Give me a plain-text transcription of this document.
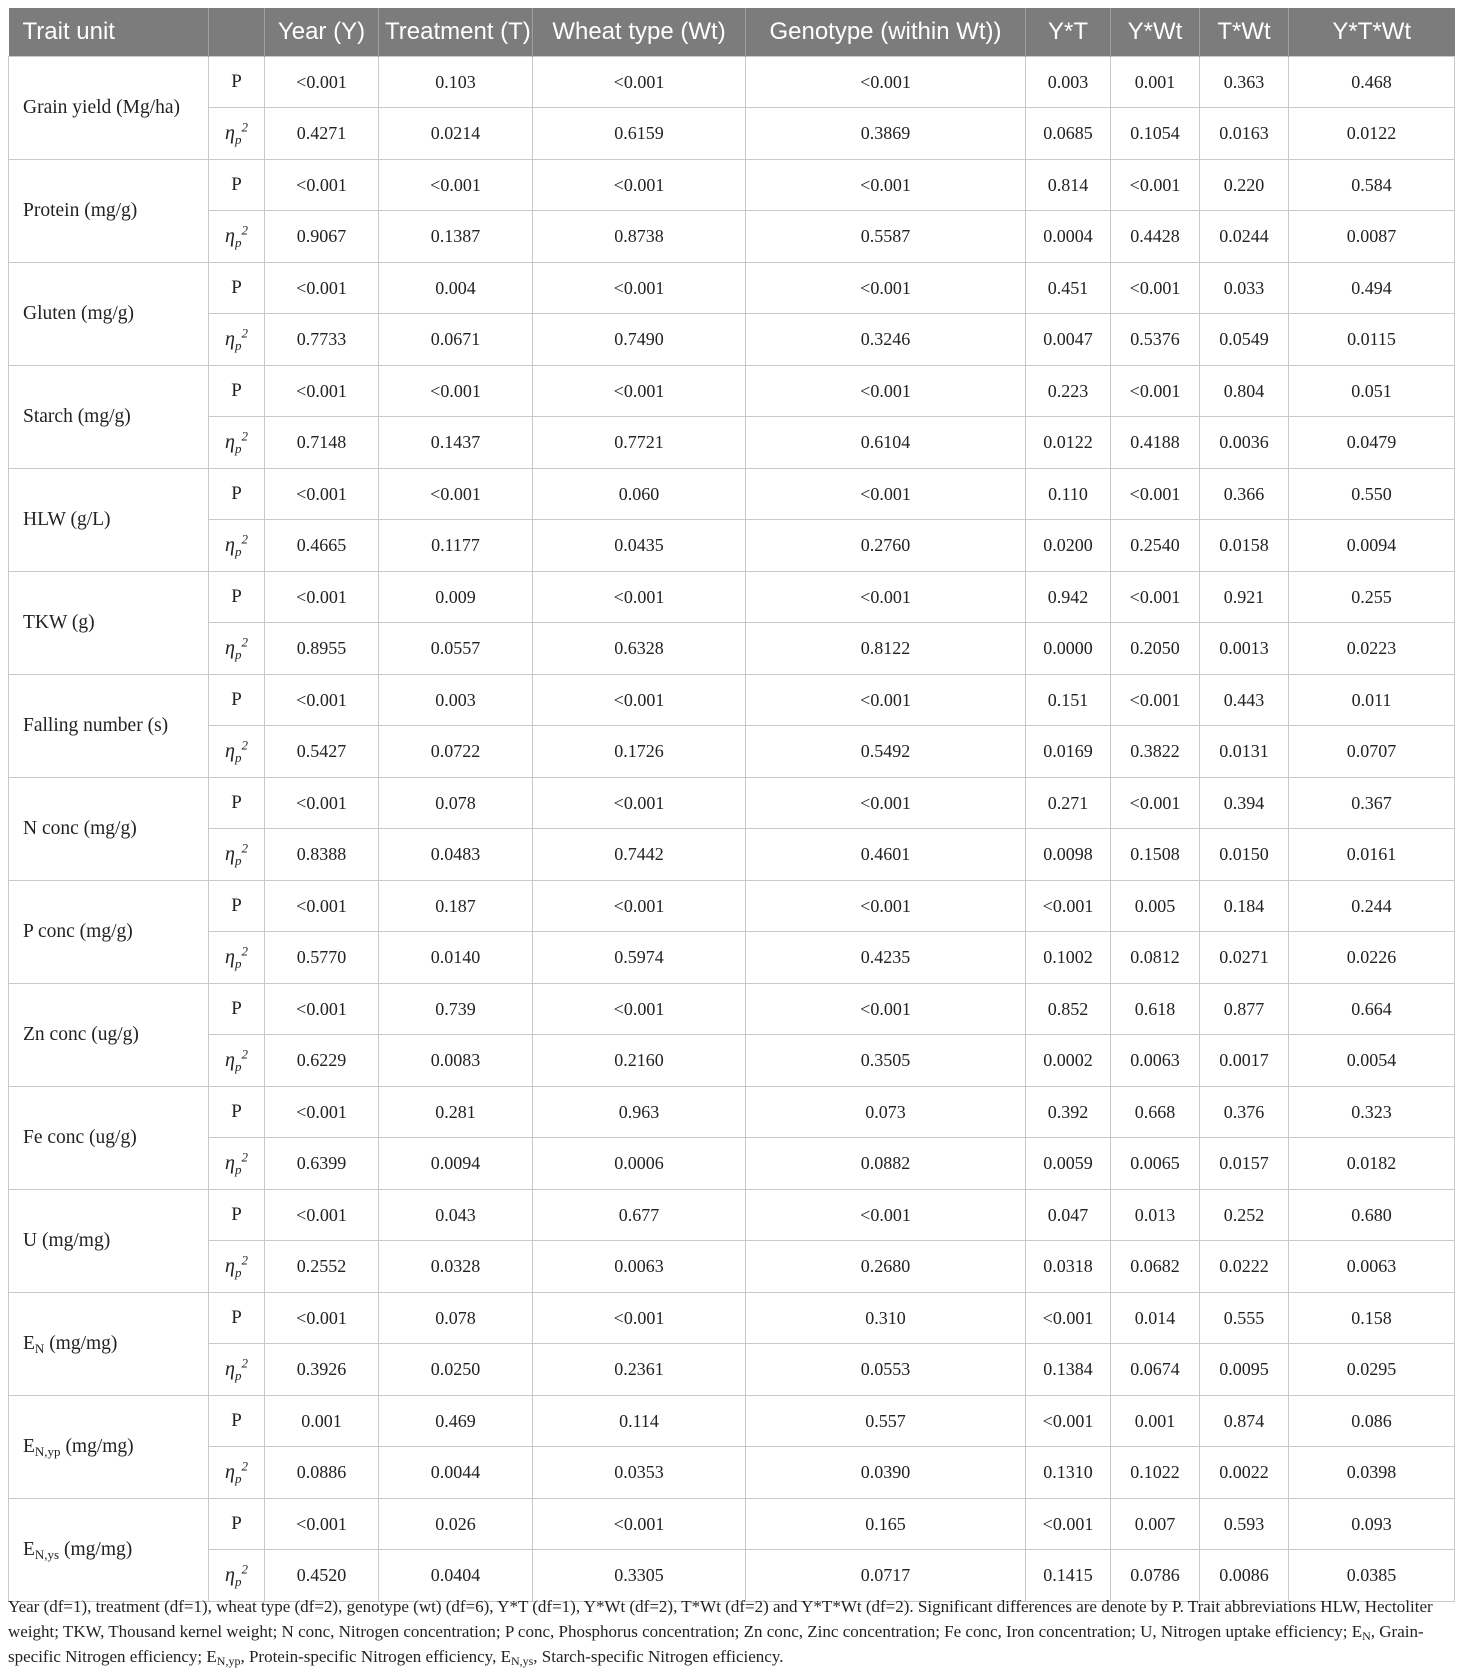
Trait unit		Year (Y)	Treatment (T)	Wheat type (Wt)	Genotype (within Wt))	Y*T	Y*Wt	T*Wt	Y*T*Wt
Grain yield (Mg/ha)	P	<0.001	0.103	<0.001	<0.001	0.003	0.001	0.363	0.468
	$\eta_p^2$	0.4271	0.0214	0.6159	0.3869	0.0685	0.1054	0.0163	0.0122
Protein (mg/g)	P	<0.001	<0.001	<0.001	<0.001	0.814	<0.001	0.220	0.584
	$\eta_p^2$	0.9067	0.1387	0.8738	0.5587	0.0004	0.4428	0.0244	0.0087
Gluten (mg/g)	P	<0.001	0.004	<0.001	<0.001	0.451	<0.001	0.033	0.494
	$\eta_p^2$	0.7733	0.0671	0.7490	0.3246	0.0047	0.5376	0.0549	0.0115
Starch (mg/g)	P	<0.001	<0.001	<0.001	<0.001	0.223	<0.001	0.804	0.051
	$\eta_p^2$	0.7148	0.1437	0.7721	0.6104	0.0122	0.4188	0.0036	0.0479
HLW (g/L)	P	<0.001	<0.001	0.060	<0.001	0.110	<0.001	0.366	0.550
	$\eta_p^2$	0.4665	0.1177	0.0435	0.2760	0.0200	0.2540	0.0158	0.0094
TKW (g)	P	<0.001	0.009	<0.001	<0.001	0.942	<0.001	0.921	0.255
	$\eta_p^2$	0.8955	0.0557	0.6328	0.8122	0.0000	0.2050	0.0013	0.0223
Falling number (s)	P	<0.001	0.003	<0.001	<0.001	0.151	<0.001	0.443	0.011
	$\eta_p^2$	0.5427	0.0722	0.1726	0.5492	0.0169	0.3822	0.0131	0.0707
N conc (mg/g)	P	<0.001	0.078	<0.001	<0.001	0.271	<0.001	0.394	0.367
	$\eta_p^2$	0.8388	0.0483	0.7442	0.4601	0.0098	0.1508	0.0150	0.0161
P conc (mg/g)	P	<0.001	0.187	<0.001	<0.001	<0.001	0.005	0.184	0.244
	$\eta_p^2$	0.5770	0.0140	0.5974	0.4235	0.1002	0.0812	0.0271	0.0226
Zn conc (ug/g)	P	<0.001	0.739	<0.001	<0.001	0.852	0.618	0.877	0.664
	$\eta_p^2$	0.6229	0.0083	0.2160	0.3505	0.0002	0.0063	0.0017	0.0054
Fe conc (ug/g)	P	<0.001	0.281	0.963	0.073	0.392	0.668	0.376	0.323
	$\eta_p^2$	0.6399	0.0094	0.0006	0.0882	0.0059	0.0065	0.0157	0.0182
U (mg/mg)	P	<0.001	0.043	0.677	<0.001	0.047	0.013	0.252	0.680
	$\eta_p^2$	0.2552	0.0328	0.0063	0.2680	0.0318	0.0682	0.0222	0.0063
$E_N$ (mg/mg)	P	<0.001	0.078	<0.001	0.310	<0.001	0.014	0.555	0.158
	$\eta_p^2$	0.3926	0.0250	0.2361	0.0553	0.1384	0.0674	0.0095	0.0295
$E_{N,yp}$ (mg/mg)	P	0.001	0.469	0.114	0.557	<0.001	0.001	0.874	0.086
	$\eta_p^2$	0.0886	0.0044	0.0353	0.0390	0.1310	0.1022	0.0022	0.0398
$E_{N,ys}$ (mg/mg)	P	<0.001	0.026	<0.001	0.165	<0.001	0.007	0.593	0.093
	$\eta_p^2$	0.4520	0.0404	0.3305	0.0717	0.1415	0.0786	0.0086	0.0385
Year (df=1), treatment (df=1), wheat type (df=2), genotype (wt) (df=6), Y*T (df=1), Y*Wt (df=2), T*Wt (df=2) and Y*T*Wt (df=2). Significant differences are denote by P. Trait abbreviations HLW, Hectoliter weight; TKW, Thousand kernel weight; N conc, Nitrogen concentration; P conc, Phosphorus concentration; Zn conc, Zinc concentration; Fe conc, Iron concentration; U, Nitrogen uptake efficiency; EN, Grain-specific Nitrogen efficiency; EN,yp, Protein-specific Nitrogen efficiency, EN,ys, Starch-specific Nitrogen efficiency.
